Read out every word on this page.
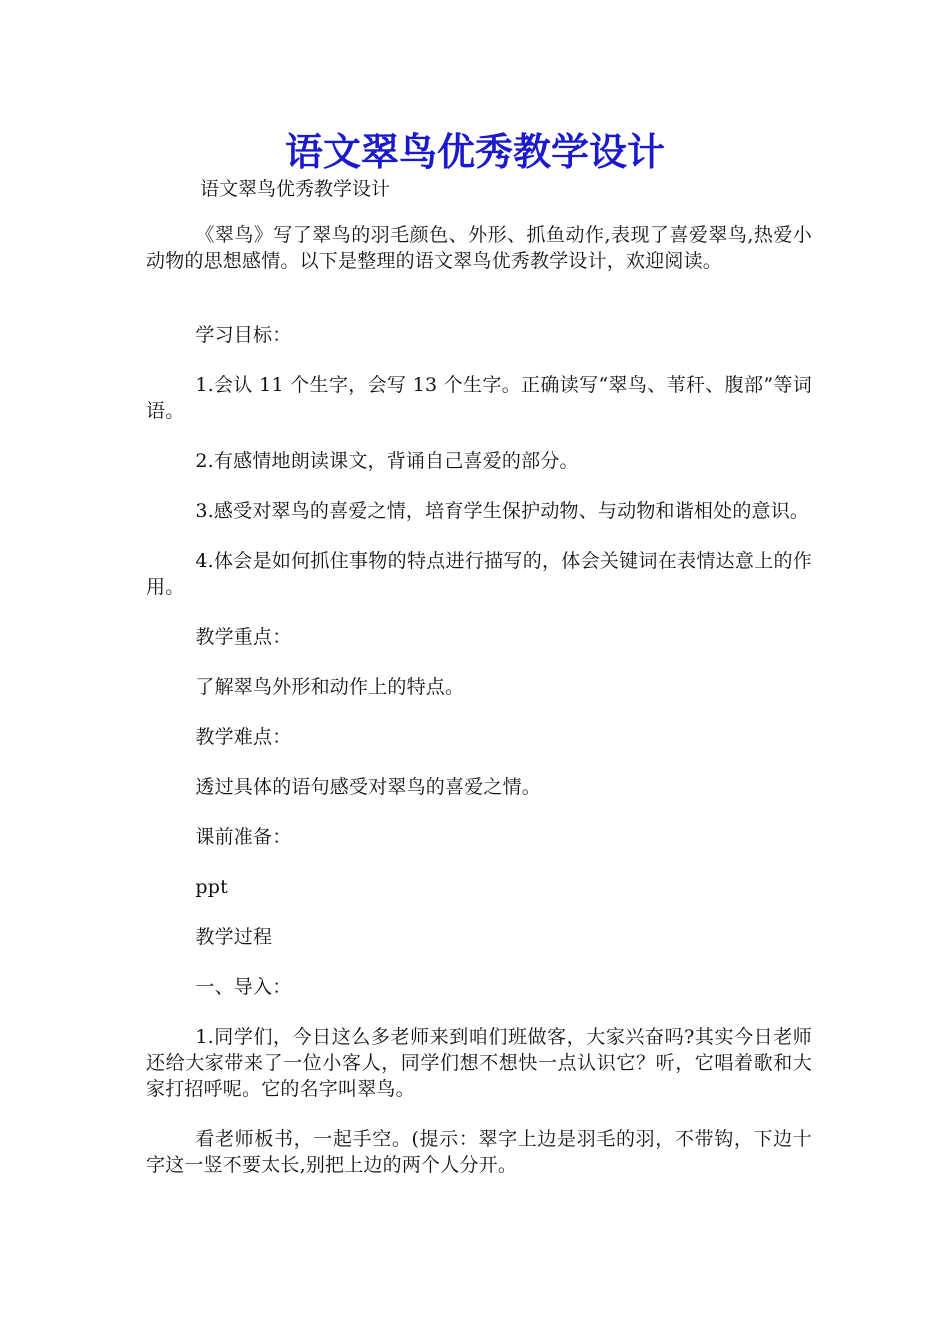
语文翠鸟优秀教学设计
语文翠鸟优秀教学设计

《翠鸟》写了翠鸟的羽毛颜色、外形、抓鱼动作,表现了喜爱翠鸟,热爱小动物的思想感情。以下是整理的语文翠鸟优秀教学设计，欢迎阅读。

学习目标：

1.会认 11 个生字，会写 13 个生字。正确读写“翠鸟、苇秆、腹部”等词语。

2.有感情地朗读课文，背诵自己喜爱的部分。

3.感受对翠鸟的喜爱之情，培育学生保护动物、与动物和谐相处的意识。

4.体会是如何抓住事物的特点进行描写的，体会关键词在表情达意上的作用。

教学重点：

了解翠鸟外形和动作上的特点。

教学难点：

透过具体的语句感受对翠鸟的喜爱之情。

课前准备：

ppt

教学过程

一、导入：

1.同学们，今日这么多老师来到咱们班做客，大家兴奋吗?其实今日老师还给大家带来了一位小客人，同学们想不想快一点认识它？听，它唱着歌和大家打招呼呢。它的名字叫翠鸟。

看老师板书，一起手空。(提示：翠字上边是羽毛的羽，不带钩，下边十字这一竖不要太长,别把上边的两个人分开。
